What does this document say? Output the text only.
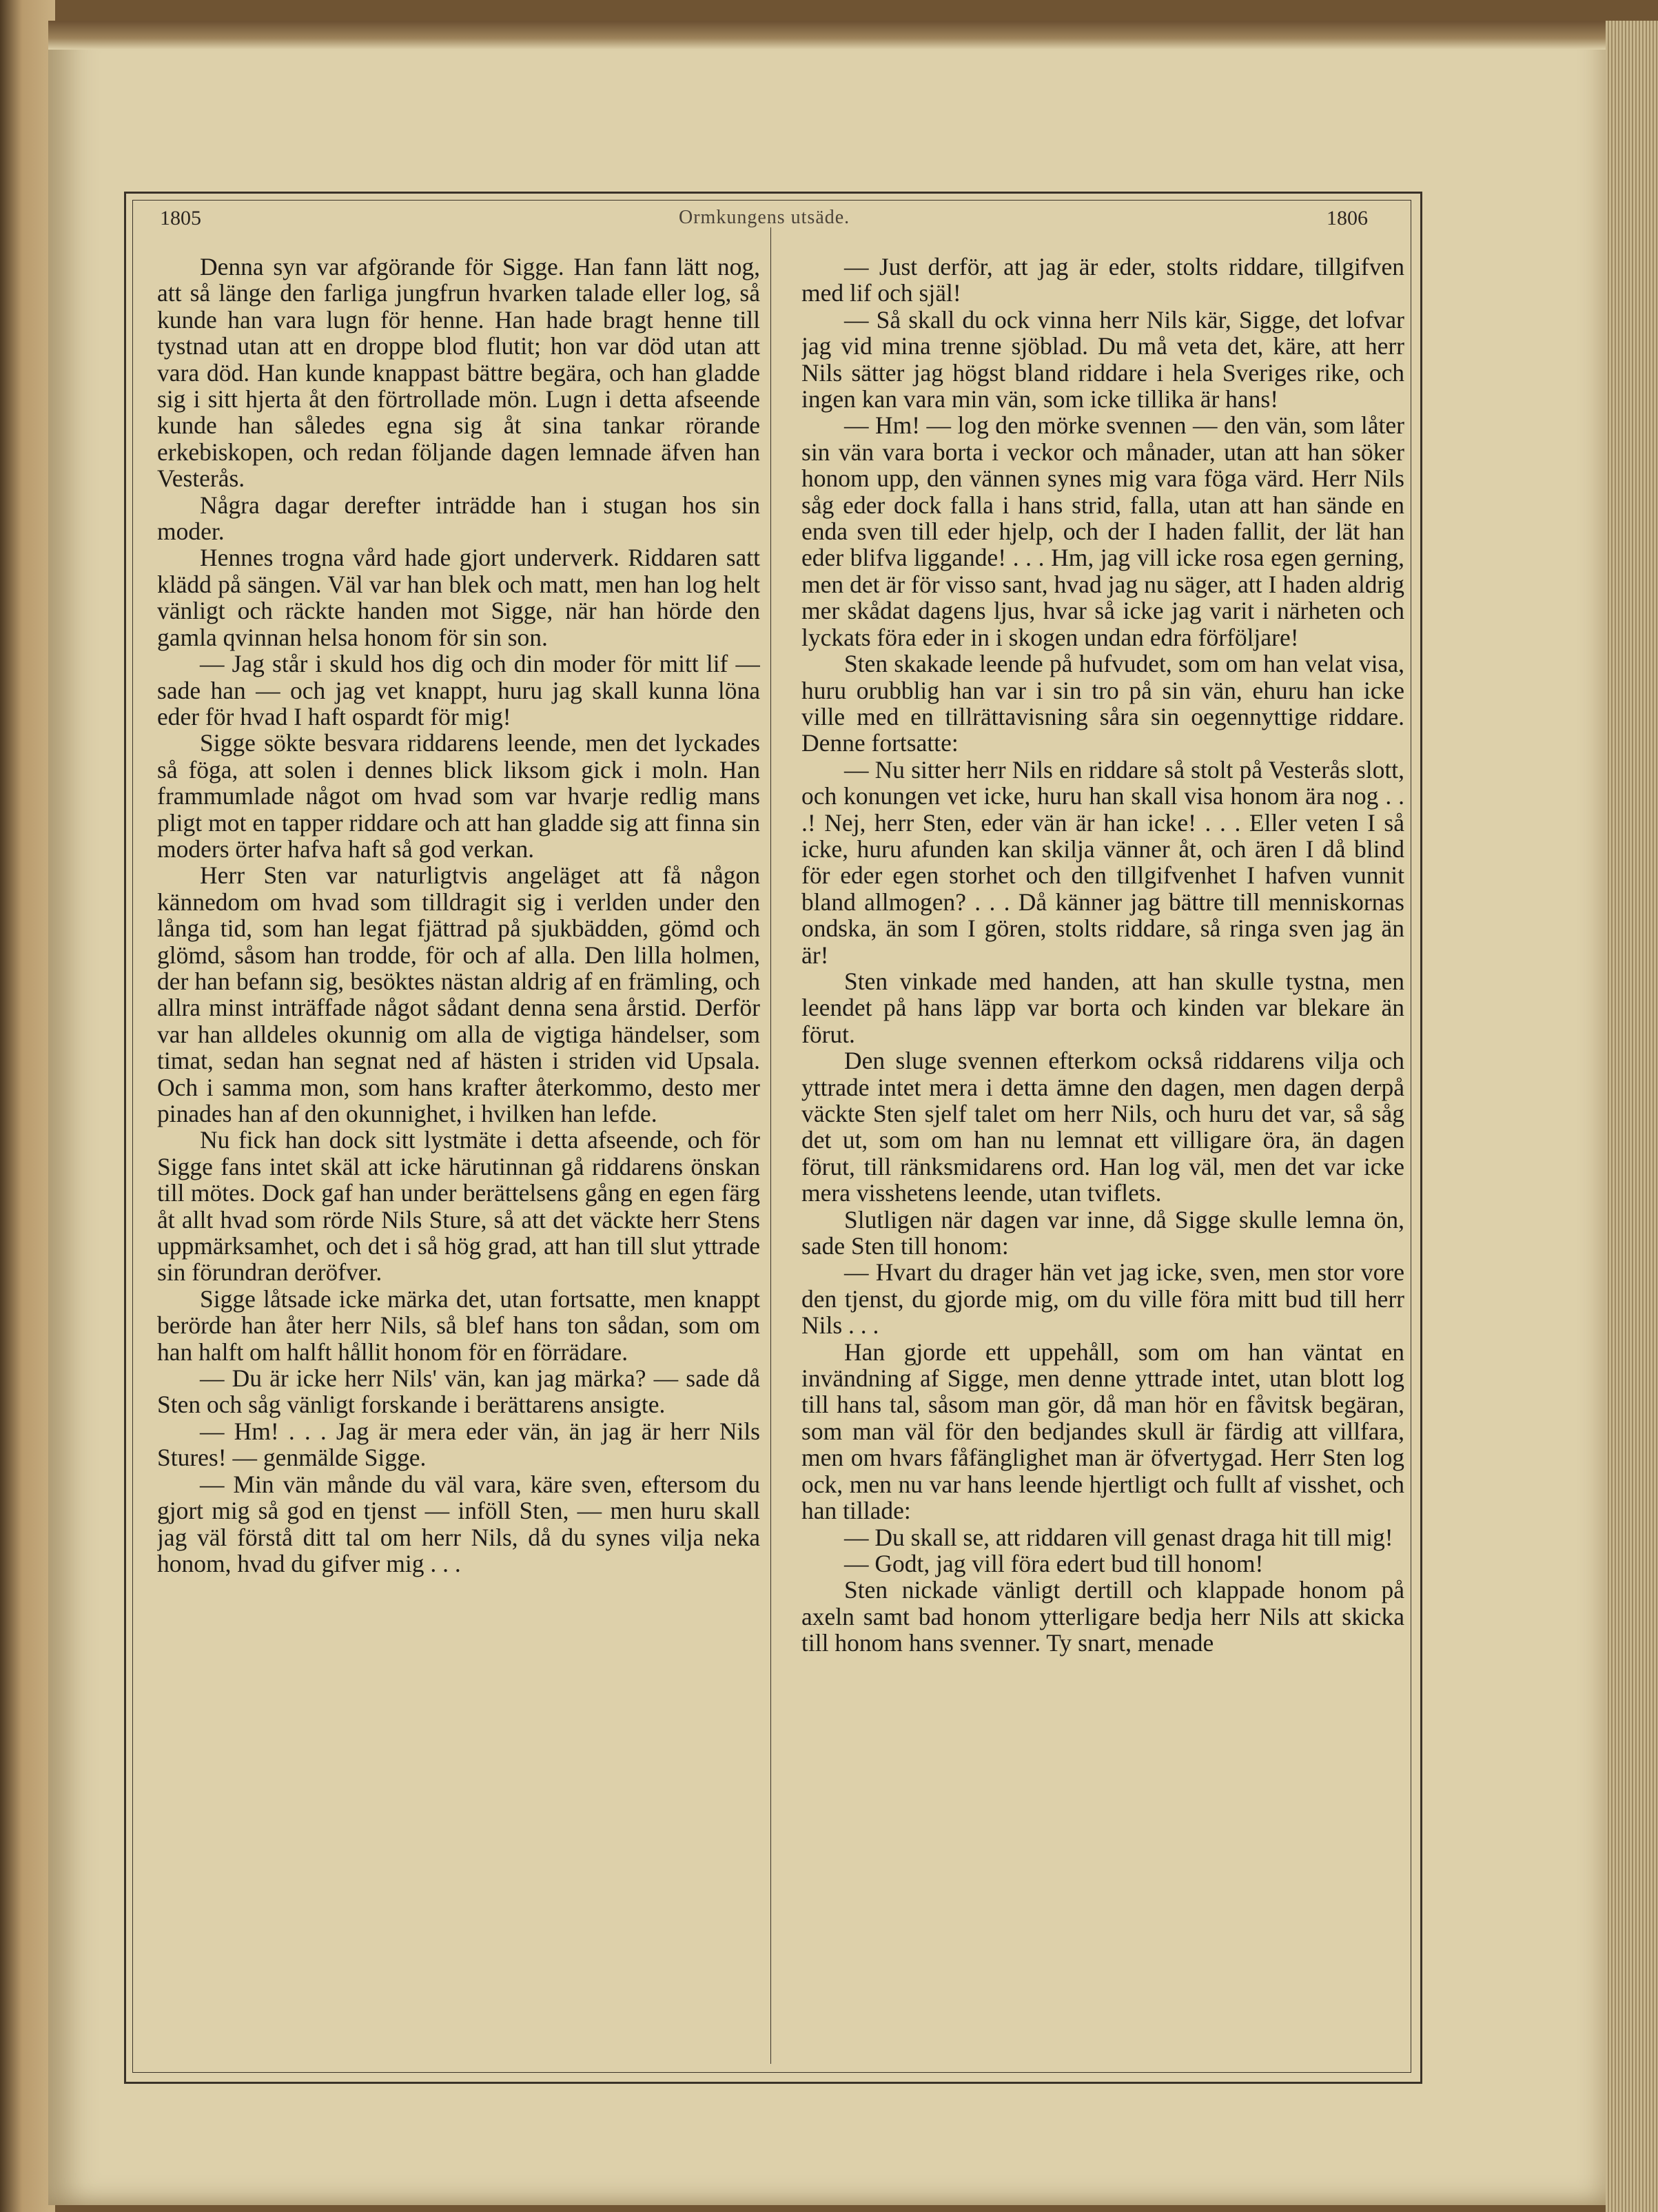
1805	Ormkungens utsäde.	1806

Denna syn var afgörande för Sigge. Han fann lätt nog, att så länge den farliga jungfrun hvarken talade eller log, så kunde han vara lugn för henne. Han hade bragt henne till tystnad utan att en droppe blod flutit; hon var död utan att vara död. Han kunde knappast bättre begära, och han gladde sig i sitt hjerta åt den förtrollade mön. Lugn i detta afseende kunde han således egna sig åt sina tankar rörande erkebiskopen, och redan följande dagen lemnade äfven han Vesterås.

Några dagar derefter inträdde han i stugan hos sin moder.

Hennes trogna vård hade gjort underverk. Riddaren satt klädd på sängen. Väl var han blek och matt, men han log helt vänligt och räckte handen mot Sigge, när han hörde den gamla qvinnan helsa honom för sin son.

— Jag står i skuld hos dig och din moder för mitt lif — sade han — och jag vet knappt, huru jag skall kunna löna eder för hvad I haft ospardt för mig!

Sigge sökte besvara riddarens leende, men det lyckades så föga, att solen i dennes blick liksom gick i moln. Han frammumlade något om hvad som var hvarje redlig mans pligt mot en tapper riddare och att han gladde sig att finna sin moders örter hafva haft så god verkan.

Herr Sten var naturligtvis angeläget att få någon kännedom om hvad som tilldragit sig i verlden under den långa tid, som han legat fjättrad på sjukbädden, gömd och glömd, såsom han trodde, för och af alla. Den lilla holmen, der han befann sig, besöktes nästan aldrig af en främling, och allra minst inträffade något sådant denna sena årstid. Derför var han alldeles okunnig om alla de vigtiga händelser, som timat, sedan han segnat ned af hästen i striden vid Upsala. Och i samma mon, som hans krafter återkommo, desto mer pinades han af den okunnighet, i hvilken han lefde.

Nu fick han dock sitt lystmäte i detta afseende, och för Sigge fans intet skäl att icke härutinnan gå riddarens önskan till mötes. Dock gaf han under berättelsens gång en egen färg åt allt hvad som rörde Nils Sture, så att det väckte herr Stens uppmärksamhet, och det i så hög grad, att han till slut yttrade sin förundran deröfver.

Sigge låtsade icke märka det, utan fortsatte, men knappt berörde han åter herr Nils, så blef hans ton sådan, som om han halft om halft hållit honom för en förrädare.

— Du är icke herr Nils' vän, kan jag märka? — sade då Sten och såg vänligt forskande i berättarens ansigte.

— Hm! . . . Jag är mera eder vän, än jag är herr Nils Stures! — genmälde Sigge.

— Min vän månde du väl vara, käre sven, eftersom du gjort mig så god en tjenst — inföll Sten, — men huru skall jag väl förstå ditt tal om herr Nils, då du synes vilja neka honom, hvad du gifver mig . . .

— Just derför, att jag är eder, stolts riddare, tillgifven med lif och själ!

— Så skall du ock vinna herr Nils kär, Sigge, det lofvar jag vid mina trenne sjöblad. Du må veta det, käre, att herr Nils sätter jag högst bland riddare i hela Sveriges rike, och ingen kan vara min vän, som icke tillika är hans!

— Hm! — log den mörke svennen — den vän, som låter sin vän vara borta i veckor och månader, utan att han söker honom upp, den vännen synes mig vara föga värd. Herr Nils såg eder dock falla i hans strid, falla, utan att han sände en enda sven till eder hjelp, och der I haden fallit, der lät han eder blifva liggande! . . . Hm, jag vill icke rosa egen gerning, men det är för visso sant, hvad jag nu säger, att I haden aldrig mer skådat dagens ljus, hvar så icke jag varit i närheten och lyckats föra eder in i skogen undan edra förföljare!

Sten skakade leende på hufvudet, som om han velat visa, huru orubblig han var i sin tro på sin vän, ehuru han icke ville med en tillrättavisning såra sin oegennyttige riddare. Denne fortsatte:

— Nu sitter herr Nils en riddare så stolt på Vesterås slott, och konungen vet icke, huru han skall visa honom ära nog . . .! Nej, herr Sten, eder vän är han icke! . . . Eller veten I så icke, huru afunden kan skilja vänner åt, och ären I då blind för eder egen storhet och den tillgifvenhet I hafven vunnit bland allmogen? . . . Då känner jag bättre till menniskornas ondska, än som I gören, stolts riddare, så ringa sven jag än är!

Sten vinkade med handen, att han skulle tystna, men leendet på hans läpp var borta och kinden var blekare än förut.

Den sluge svennen efterkom också riddarens vilja och yttrade intet mera i detta ämne den dagen, men dagen derpå väckte Sten sjelf talet om herr Nils, och huru det var, så såg det ut, som om han nu lemnat ett villigare öra, än dagen förut, till ränksmidarens ord. Han log väl, men det var icke mera visshetens leende, utan tviflets.

Slutligen när dagen var inne, då Sigge skulle lemna ön, sade Sten till honom:

— Hvart du drager hän vet jag icke, sven, men stor vore den tjenst, du gjorde mig, om du ville föra mitt bud till herr Nils . . .

Han gjorde ett uppehåll, som om han väntat en invändning af Sigge, men denne yttrade intet, utan blott log till hans tal, såsom man gör, då man hör en fåvitsk begäran, som man väl för den bedjandes skull är färdig att villfara, men om hvars fåfänglighet man är öfvertygad. Herr Sten log ock, men nu var hans leende hjertligt och fullt af visshet, och han tillade:

— Du skall se, att riddaren vill genast draga hit till mig!

— Godt, jag vill föra edert bud till honom!

Sten nickade vänligt dertill och klappade honom på axeln samt bad honom ytterligare bedja herr Nils att skicka till honom hans svenner. Ty snart, menade
